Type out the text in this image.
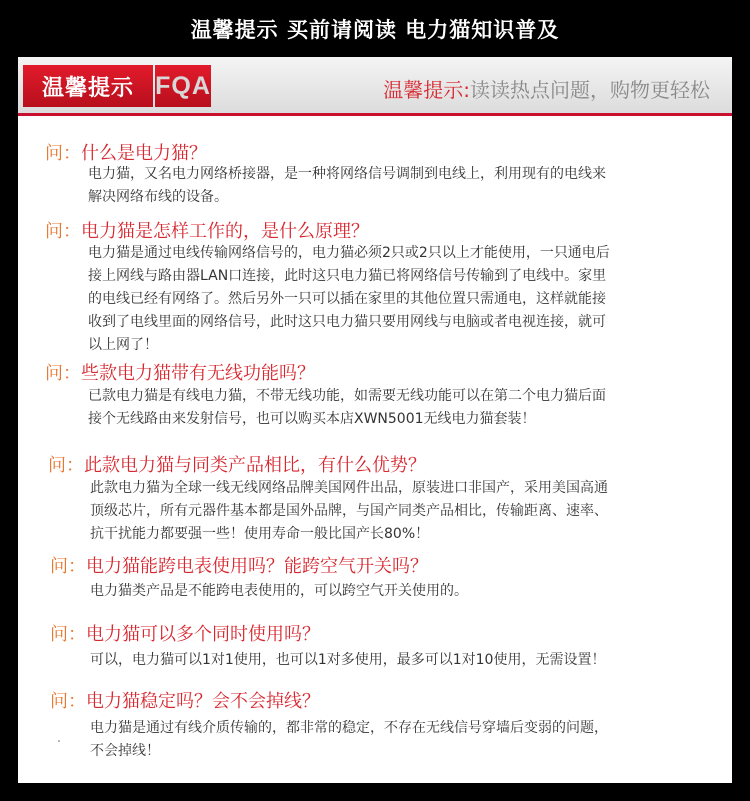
温馨提示 买前请阅读 电力猫知识普及
温馨提示 FQA	温馨提示:读读热点问题，购物更轻松
问：什么是电力猫？
电力猫，又名电力网络桥接器，是一种将网络信号调制到电线上，利用现有的电线来
解决网络布线的设备。
问：电力猫是怎样工作的，是什么原理？
电力猫是通过电线传输网络信号的，电力猫必须2只或2只以上才能使用，一只通电后
接上网线与路由器LAN口连接，此时这只电力猫已将网络信号传输到了电线中。家里
的电线已经有网络了。然后另外一只可以插在家里的其他位置只需通电，这样就能接
收到了电线里面的网络信号，此时这只电力猫只要用网线与电脑或者电视连接，就可
以上网了！
问：些款电力猫带有无线功能吗？
已款电力猫是有线电力猫，不带无线功能，如需要无线功能可以在第二个电力猫后面
接个无线路由来发射信号，也可以购买本店XWN5001无线电力猫套装！
问：此款电力猫与同类产品相比，有什么优势？
此款电力猫为全球一线无线网络品牌美国网件出品，原装进口非国产，采用美国高通
顶级芯片，所有元器件基本都是国外品牌，与国产同类产品相比，传输距离、速率、
抗干扰能力都要强一些！使用寿命一般比国产长80%！
问：电力猫能跨电表使用吗？能跨空气开关吗？
电力猫类产品是不能跨电表使用的，可以跨空气开关使用的。
问：电力猫可以多个同时使用吗？
可以，电力猫可以1对1使用，也可以1对多使用，最多可以1对10使用，无需设置！
问：电力猫稳定吗？会不会掉线？
电力猫是通过有线介质传输的，都非常的稳定，不存在无线信号穿墙后变弱的问题，
不会掉线！
・
